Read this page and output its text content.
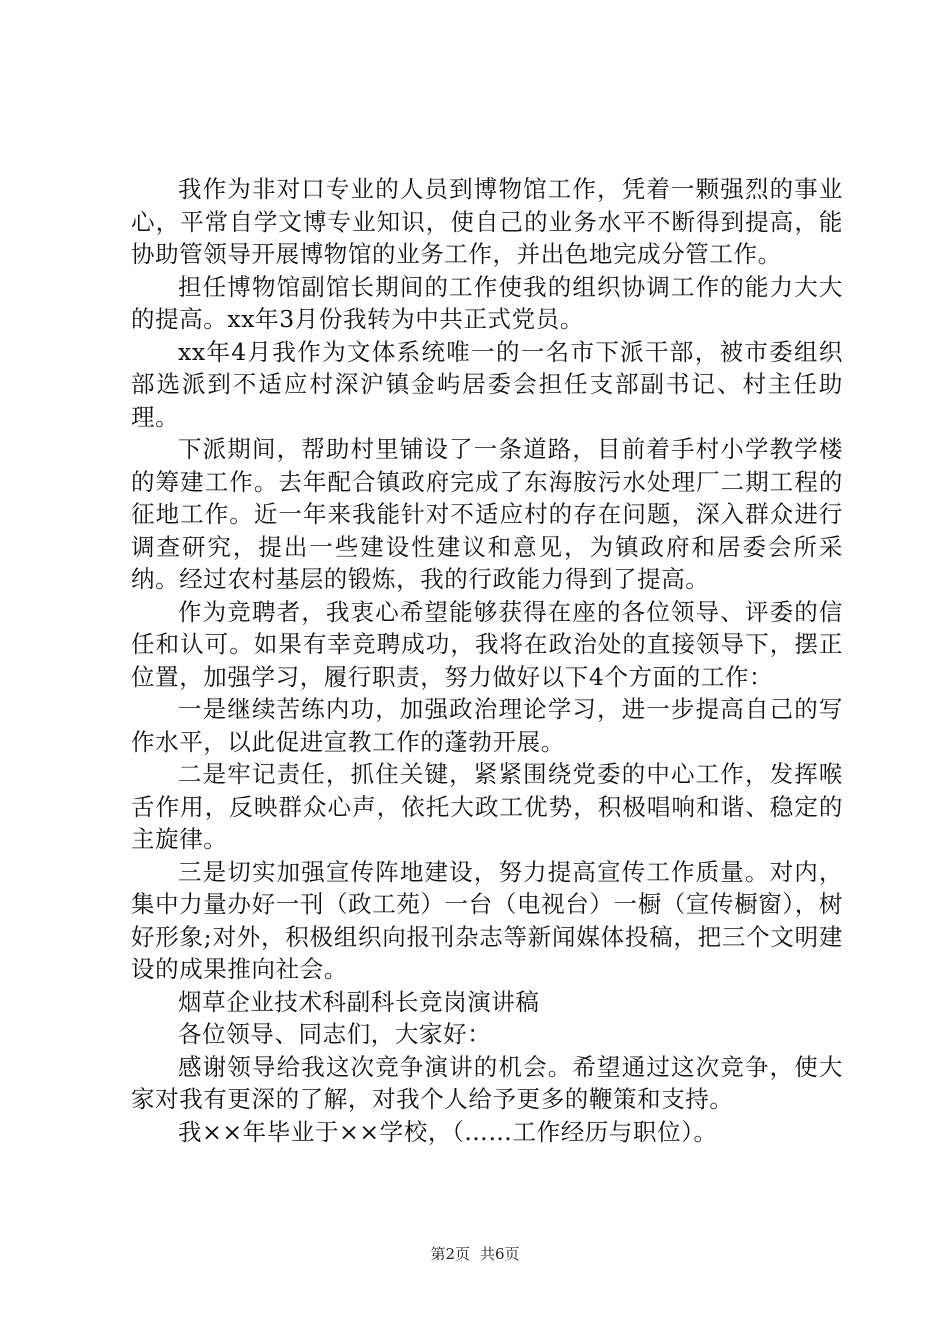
我作为非对口专业的人员到博物馆工作，凭着一颗强烈的事业心，平常自学文博专业知识，使自己的业务水平不断得到提高，能协助管领导开展博物馆的业务工作，并出色地完成分管工作。

担任博物馆副馆长期间的工作使我的组织协调工作的能力大大的提高。xx年3月份我转为中共正式党员。

xx年4月我作为文体系统唯一的一名市下派干部，被市委组织部选派到不适应村深沪镇金屿居委会担任支部副书记、村主任助理。

下派期间，帮助村里铺设了一条道路，目前着手村小学教学楼的筹建工作。去年配合镇政府完成了东海胺污水处理厂二期工程的征地工作。近一年来我能针对不适应村的存在问题，深入群众进行调查研究，提出一些建设性建议和意见，为镇政府和居委会所采纳。经过农村基层的锻炼，我的行政能力得到了提高。

作为竞聘者，我衷心希望能够获得在座的各位领导、评委的信任和认可。如果有幸竞聘成功，我将在政治处的直接领导下，摆正位置，加强学习，履行职责，努力做好以下4个方面的工作：

一是继续苦练内功，加强政治理论学习，进一步提高自己的写作水平，以此促进宣教工作的蓬勃开展。

二是牢记责任，抓住关键，紧紧围绕党委的中心工作，发挥喉舌作用，反映群众心声，依托大政工优势，积极唱响和谐、稳定的主旋律。

三是切实加强宣传阵地建设，努力提高宣传工作质量。对内，集中力量办好一刊（政工苑）一台（电视台）一橱（宣传橱窗），树好形象;对外，积极组织向报刊杂志等新闻媒体投稿，把三个文明建设的成果推向社会。

烟草企业技术科副科长竞岗演讲稿

各位领导、同志们，大家好：

感谢领导给我这次竞争演讲的机会。希望通过这次竞争，使大家对我有更深的了解，对我个人给予更多的鞭策和支持。

我××年毕业于××学校，（……工作经历与职位）。

第2页 共6页
